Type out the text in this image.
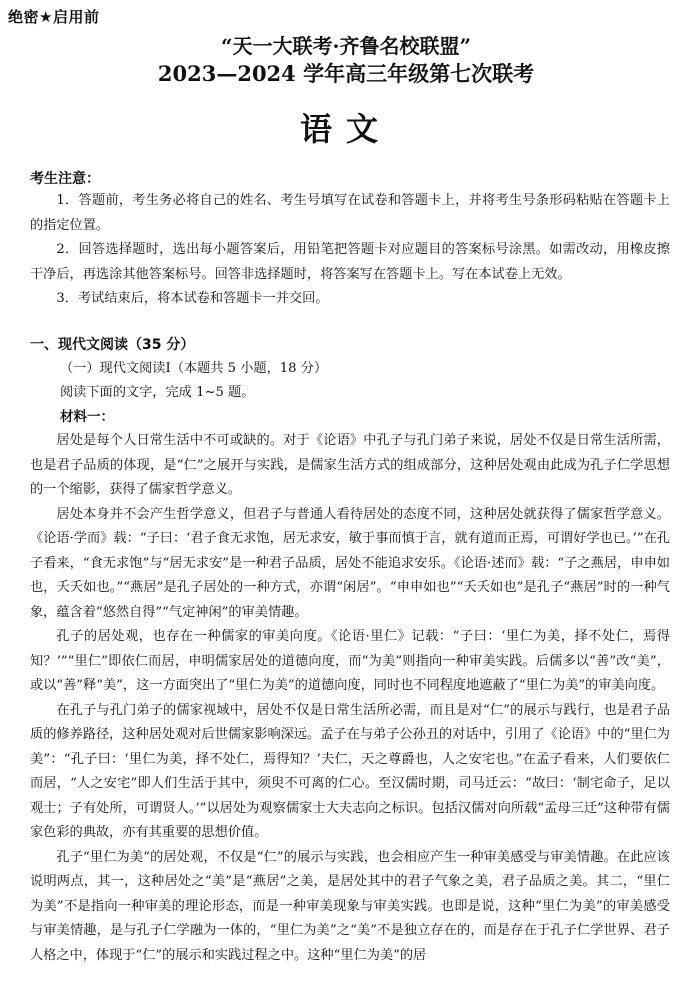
绝密★启用前
“天一大联考·齐鲁名校联盟”
2023—2024 学年高三年级第七次联考
语文
考生注意：

1．答题前，考生务必将自己的姓名、考生号填写在试卷和答题卡上，并将考生号条形码粘贴在答题卡上的指定位置。

2．回答选择题时，选出每小题答案后，用铅笔把答题卡对应题目的答案标号涂黑。如需改动，用橡皮擦干净后，再选涂其他答案标号。回答非选择题时，将答案写在答题卡上。写在本试卷上无效。

3．考试结束后，将本试卷和答题卡一并交回。

一、现代文阅读（35 分）
（一）现代文阅读Ⅰ（本题共 5 小题，18 分）
阅读下面的文字，完成 1~5 题。
材料一：

居处是每个人日常生活中不可或缺的。对于《论语》中孔子与孔门弟子来说，居处不仅是日常生活所需，也是君子品质的体现，是“仁”之展开与实践，是儒家生活方式的组成部分，这种居处观由此成为孔子仁学思想的一个缩影，获得了儒家哲学意义。

居处本身并不会产生哲学意义，但君子与普通人看待居处的态度不同，这种居处就获得了儒家哲学意义。《论语·学而》载：“子曰：‘君子食无求饱，居无求安，敏于事而慎于言，就有道而正焉，可谓好学也已。’”在孔子看来，“食无求饱”与“居无求安”是一种君子品质，居处不能追求安乐。《论语·述而》载：“子之燕居，申申如也，夭夭如也。”“燕居”是孔子居处的一种方式，亦谓“闲居”。“申申如也”“夭夭如也”是孔子“燕居”时的一种气象，蕴含着“悠然自得”“气定神闲”的审美情趣。

孔子的居处观，也存在一种儒家的审美向度。《论语·里仁》记载：“子曰：‘里仁为美，择不处仁，焉得知？’”“里仁”即依仁而居，申明儒家居处的道德向度，而“为美”则指向一种审美实践。后儒多以“善”改“美”，或以“善”释“美”，这一方面突出了“里仁为美”的道德向度，同时也不同程度地遮蔽了“里仁为美”的审美向度。

在孔子与孔门弟子的儒家视域中，居处不仅是日常生活所必需，而且是对“仁”的展示与践行，也是君子品质的修养路径，这种居处观对后世儒家影响深远。孟子在与弟子公孙丑的对话中，引用了《论语》中的“里仁为美”：“孔子曰：‘里仁为美，择不处仁，焉得知？’夫仁，天之尊爵也，人之安宅也。”在孟子看来，人们要依仁而居，“人之安宅”即人们生活于其中，须臾不可离的仁心。至汉儒时期，司马迁云：“故曰：‘制宅命子，足以观士；子有处所，可谓贤人。’”以居处为观察儒家士大夫志向之标识。包括汉儒对向所载“孟母三迁”这种带有儒家色彩的典故，亦有其重要的思想价值。

孔子“里仁为美”的居处观，不仅是“仁”的展示与实践，也会相应产生一种审美感受与审美情趣。在此应该说明两点，其一，这种居处之“美”是“燕居”之美，是居处其中的君子气象之美，君子品质之美。其二，“里仁为美”不是指向一种审美的理论形态，而是一种审美现象与审美实践。也即是说，这种“里仁为美”的审美感受与审美情趣，是与孔子仁学融为一体的，“里仁为美”之“美”不是独立存在的，而是存在于孔子仁学世界、君子人格之中，体现于“仁”的展示和实践过程之中。这种“里仁为美”的居
